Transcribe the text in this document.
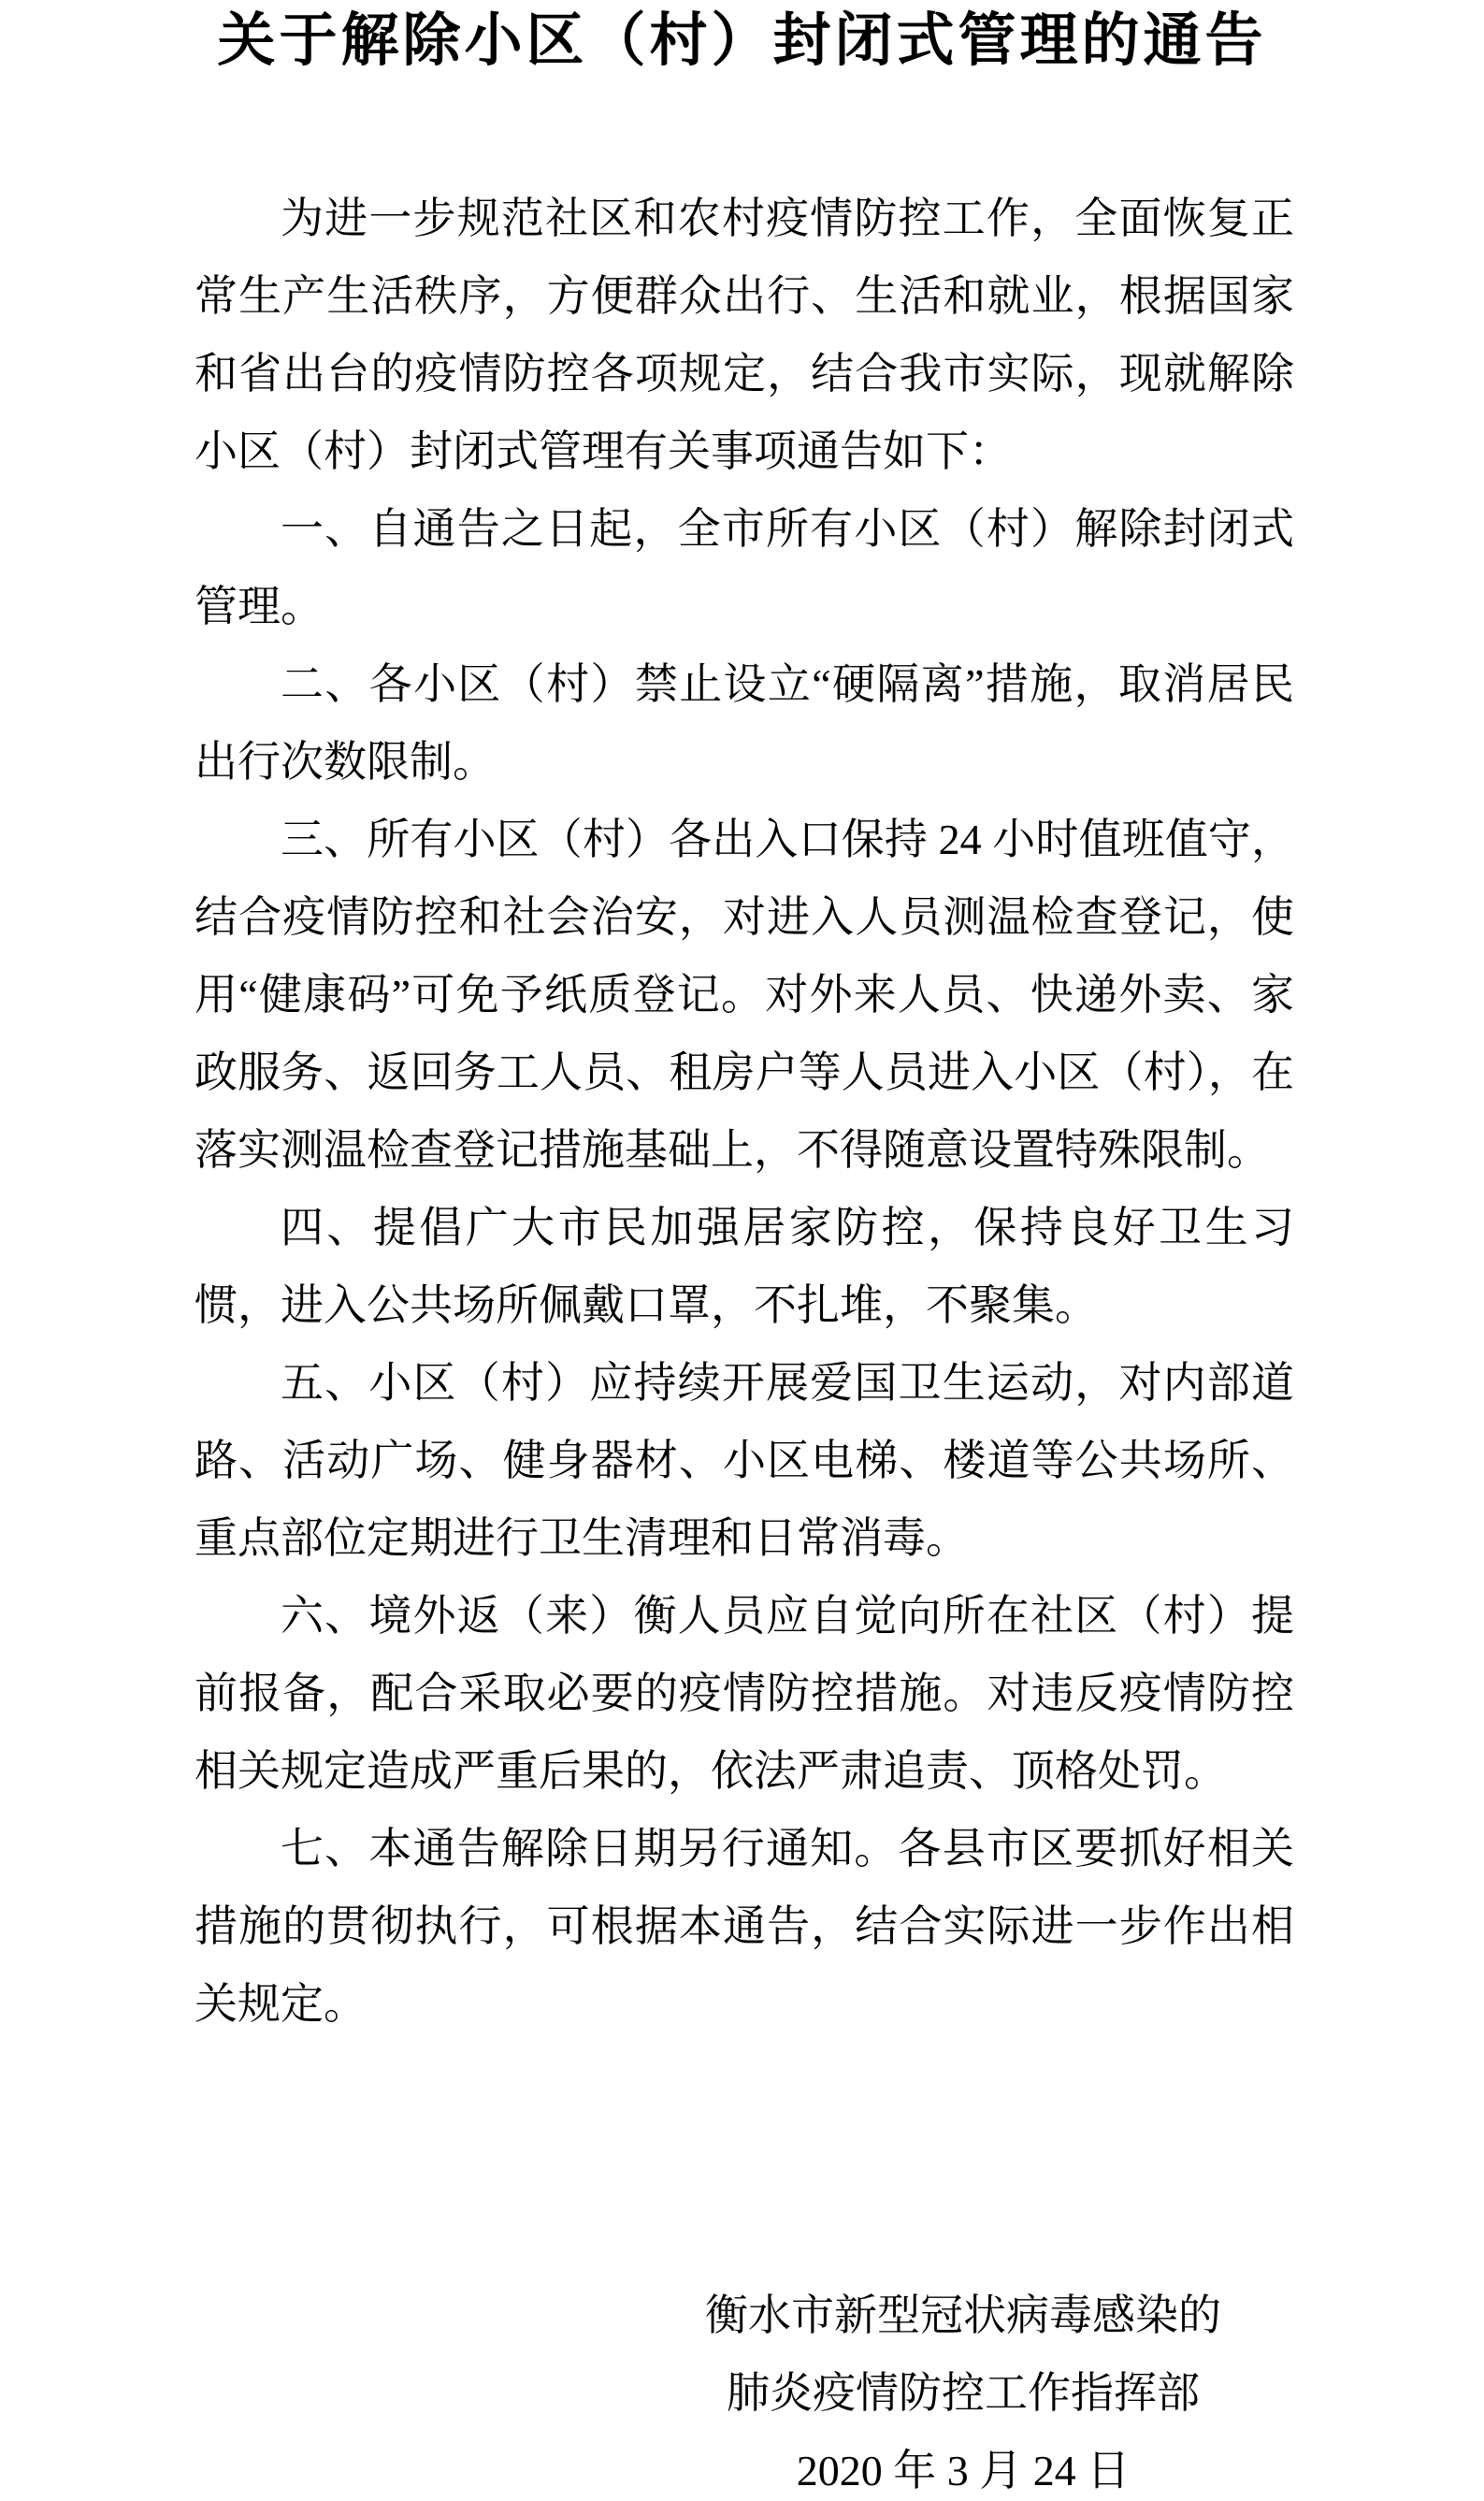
关于解除小区（村）封闭式管理的通告

为进一步规范社区和农村疫情防控工作，全面恢复正常生产生活秩序，方便群众出行、生活和就业，根据国家和省出台的疫情防控各项规定，结合我市实际，现就解除小区（村）封闭式管理有关事项通告如下：

一、自通告之日起，全市所有小区（村）解除封闭式管理。

二、各小区（村）禁止设立“硬隔离”措施，取消居民出行次数限制。

三、所有小区（村）各出入口保持 24 小时值班值守，结合疫情防控和社会治安，对进入人员测温检查登记，使用“健康码”可免予纸质登记。对外来人员、快递外卖、家政服务、返回务工人员、租房户等人员进入小区（村），在落实测温检查登记措施基础上，不得随意设置特殊限制。

四、提倡广大市民加强居家防控，保持良好卫生习惯，进入公共场所佩戴口罩，不扎堆，不聚集。

五、小区（村）应持续开展爱国卫生运动，对内部道路、活动广场、健身器材、小区电梯、楼道等公共场所、重点部位定期进行卫生清理和日常消毒。

六、境外返（来）衡人员应自觉向所在社区（村）提前报备，配合采取必要的疫情防控措施。对违反疫情防控相关规定造成严重后果的，依法严肃追责、顶格处罚。

七、本通告解除日期另行通知。各县市区要抓好相关措施的贯彻执行，可根据本通告，结合实际进一步作出相关规定。

衡水市新型冠状病毒感染的
肺炎疫情防控工作指挥部
2020 年 3 月 24 日
